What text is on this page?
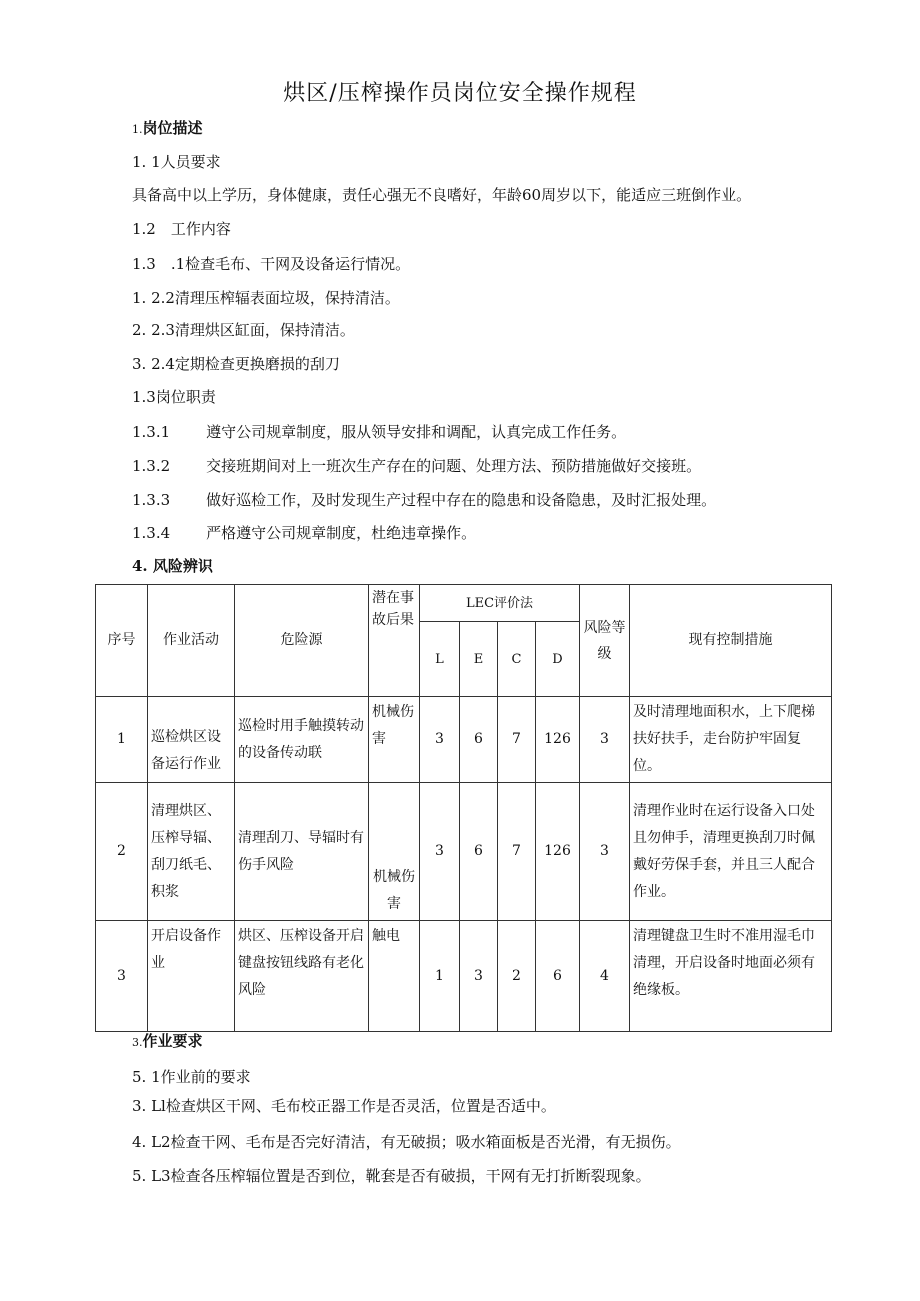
烘区/压榨操作员岗位安全操作规程
1.岗位描述
1. 1人员要求
具备高中以上学历，身体健康，责任心强无不良嗜好，年龄60周岁以下，能适应三班倒作业。
1.2　工作内容
1.3　.1检查毛布、干网及设备运行情况。
1. 2.2清理压榨辐表面垃圾，保持清洁。
2. 2.3清理烘区缸面，保持清洁。
3. 2.4定期检查更换磨损的刮刀
1.3岗位职责
1.3.1 遵守公司规章制度，服从领导安排和调配，认真完成工作任务。
1.3.2 交接班期间对上一班次生产存在的问题、处理方法、预防措施做好交接班。
1.3.3 做好巡检工作，及时发现生产过程中存在的隐患和设备隐患，及时汇报处理。
1.3.4 严格遵守公司规章制度，杜绝违章操作。
4. 风险辨识
序号	作业活动	危险源	潜在事故后果	LEC评价法				风险等级	现有控制措施
				L	E	C	D		
1	巡检烘区设备运行作业	巡检时用手触摸转动的设备传动联	机械伤害	3	6	7	126	3	及时清理地面积水，上下爬梯扶好扶手，走台防护牢固复位。
2	清理烘区、压榨导辐、刮刀纸毛、积浆	清理刮刀、导辐时有伤手风险	机械伤害	3	6	7	126	3	清理作业时在运行设备入口处且勿伸手，清理更换刮刀时佩戴好劳保手套，并且三人配合作业。
3	开启设备作业	烘区、压榨设备开启键盘按钮线路有老化风险	触电	1	3	2	6	4	清理键盘卫生时不准用湿毛巾清理，开启设备时地面必须有绝缘板。
3.作业要求
5. 1作业前的要求
3. Ll检查烘区干网、毛布校正器工作是否灵活，位置是否适中。
4. L2检查干网、毛布是否完好清洁，有无破损；吸水箱面板是否光滑，有无损伤。
5. L3检查各压榨辐位置是否到位，靴套是否有破损，干网有无打折断裂现象。
